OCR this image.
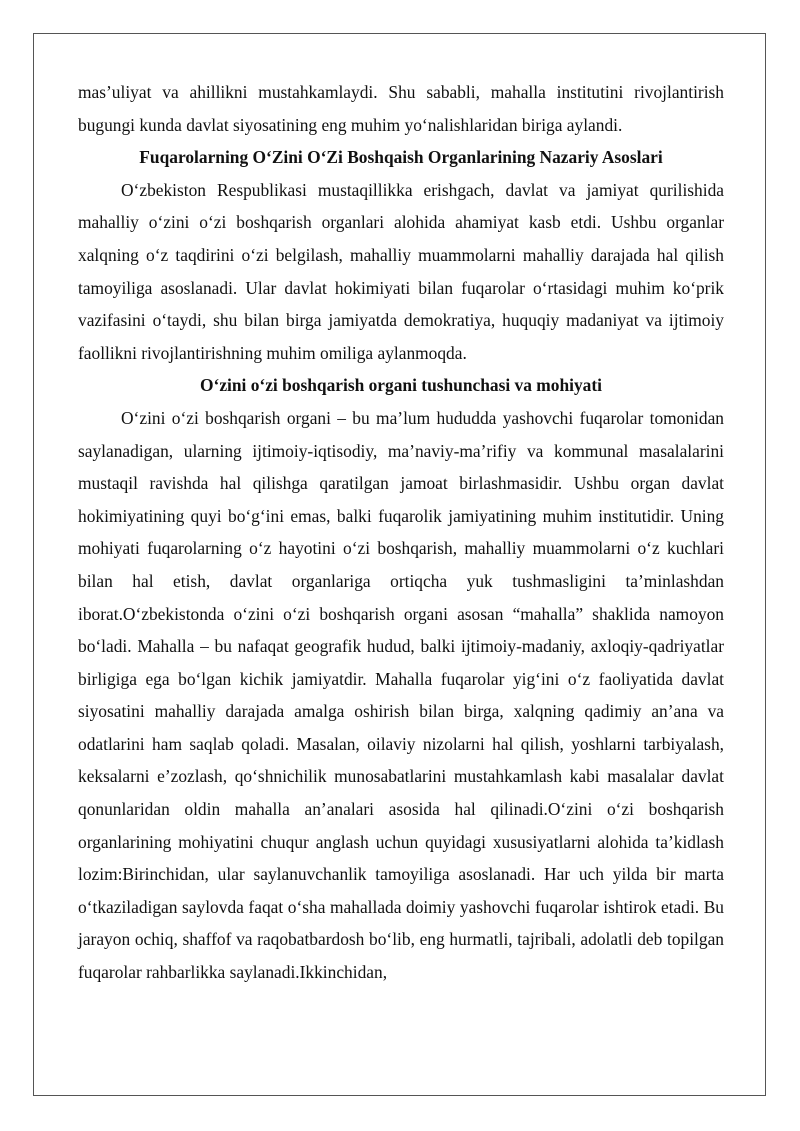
mas’uliyat va ahillikni mustahkamlaydi. Shu sababli, mahalla institutini rivojlantirish bugungi kunda davlat siyosatining eng muhim yo‘nalishlaridan biriga aylandi.

Fuqarolarning O‘Zini O‘Zi Boshqaish Organlarining Nazariy Asoslari

O‘zbekiston Respublikasi mustaqillikka erishgach, davlat va jamiyat qurilishida mahalliy o‘zini o‘zi boshqarish organlari alohida ahamiyat kasb etdi. Ushbu organlar xalqning o‘z taqdirini o‘zi belgilash, mahalliy muammolarni mahalliy darajada hal qilish tamoyiliga asoslanadi. Ular davlat hokimiyati bilan fuqarolar o‘rtasidagi muhim ko‘prik vazifasini o‘taydi, shu bilan birga jamiyatda demokratiya, huquqiy madaniyat va ijtimoiy faollikni rivojlantirishning muhim omiliga aylanmoqda.

O‘zini o‘zi boshqarish organi tushunchasi va mohiyati

O‘zini o‘zi boshqarish organi – bu ma’lum hududda yashovchi fuqarolar tomonidan saylanadigan, ularning ijtimoiy-iqtisodiy, ma’naviy-ma’rifiy va kommunal masalalarini mustaqil ravishda hal qilishga qaratilgan jamoat birlashmasidir. Ushbu organ davlat hokimiyatining quyi bo‘g‘ini emas, balki fuqarolik jamiyatining muhim institutidir. Uning mohiyati fuqarolarning o‘z hayotini o‘zi boshqarish, mahalliy muammolarni o‘z kuchlari bilan hal etish, davlat organlariga ortiqcha yuk tushmasligini ta’minlashdan iborat.O‘zbekistonda o‘zini o‘zi boshqarish organi asosan “mahalla” shaklida namoyon bo‘ladi. Mahalla – bu nafaqat geografik hudud, balki ijtimoiy-madaniy, axloqiy-qadriyatlar birligiga ega bo‘lgan kichik jamiyatdir. Mahalla fuqarolar yig‘ini o‘z faoliyatida davlat siyosatini mahalliy darajada amalga oshirish bilan birga, xalqning qadimiy an’ana va odatlarini ham saqlab qoladi. Masalan, oilaviy nizolarni hal qilish, yoshlarni tarbiyalash, keksalarni e’zozlash, qo‘shnichilik munosabatlarini mustahkamlash kabi masalalar davlat qonunlaridan oldin mahalla an’analari asosida hal qilinadi.O‘zini o‘zi boshqarish organlarining mohiyatini chuqur anglash uchun quyidagi xususiyatlarni alohida ta’kidlash lozim:Birinchidan, ular saylanuvchanlik tamoyiliga asoslanadi. Har uch yilda bir marta o‘tkaziladigan saylovda faqat o‘sha mahallada doimiy yashovchi fuqarolar ishtirok etadi. Bu jarayon ochiq, shaffof va raqobatbardosh bo‘lib, eng hurmatli, tajribali, adolatli deb topilgan fuqarolar rahbarlikka saylanadi.Ikkinchidan,
